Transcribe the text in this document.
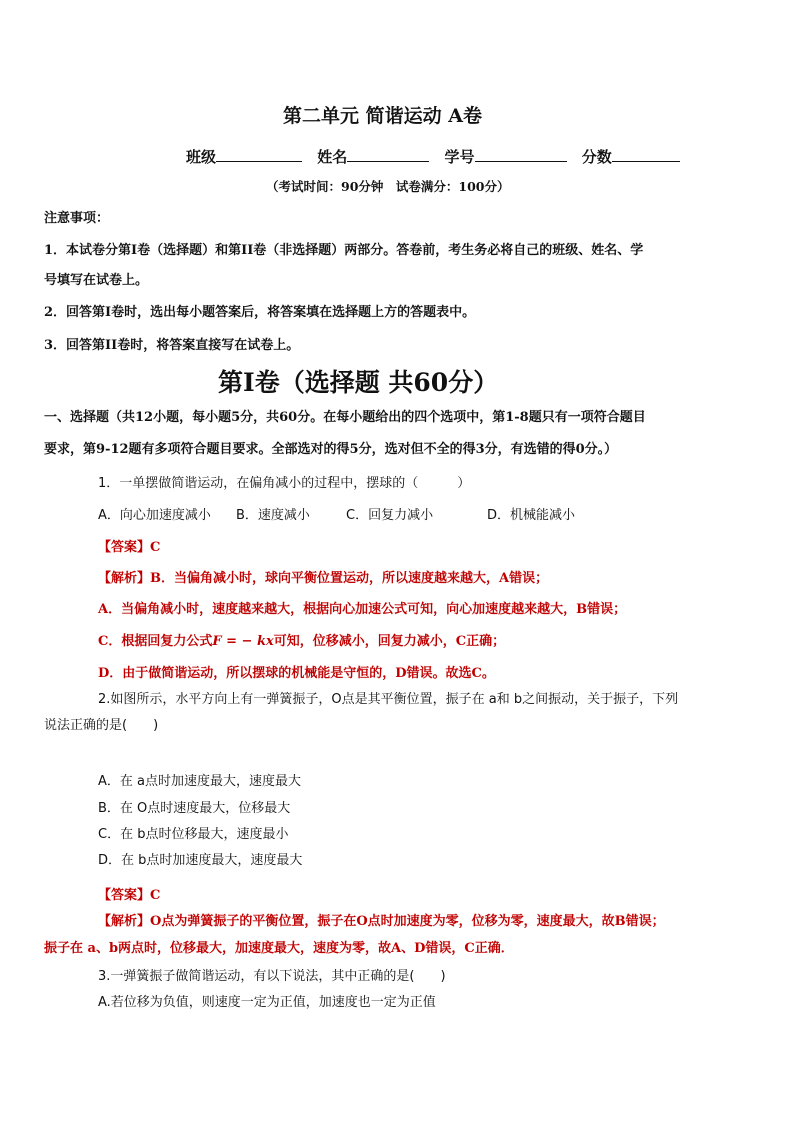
第二单元 简谐运动 A卷
班级	姓名	学号	分数
（考试时间：90分钟　试卷满分：100分）
注意事项：
1．本试卷分第I卷（选择题）和第II卷（非选择题）两部分。答卷前，考生务必将自己的班级、姓名、学
号填写在试卷上。
2．回答第I卷时，选出每小题答案后，将答案填在选择题上方的答题表中。
3．回答第II卷时，将答案直接写在试卷上。
第I卷（选择题 共60分）
一、选择题（共12小题，每小题5分，共60分。在每小题给出的四个选项中，第1-8题只有一项符合题目
要求，第9-12题有多项符合题目要求。全部选对的得5分，选对但不全的得3分，有选错的得0分。）
1．一单摆做简谐运动，在偏角减小的过程中，摆球的（　　　）
A．向心加速度减小 B．速度减小	C．回复力减小	D．机械能减小
【答案】C
【解析】B．当偏角减小时，球向平衡位置运动，所以速度越来越大，A错误；
A．当偏角减小时，速度越来越大，根据向心加速公式可知，向心加速度越来越大，B错误；
C．根据回复力公式F = − kx可知，位移减小，回复力减小，C正确；
D．由于做简谐运动，所以摆球的机械能是守恒的，D错误。故选C。
2.如图所示，水平方向上有一弹簧振子，O点是其平衡位置，振子在 a和 b之间振动，关于振子，下列
说法正确的是(　　)
A．在 a点时加速度最大，速度最大
B．在 O点时速度最大，位移最大
C．在 b点时位移最大，速度最小
D．在 b点时加速度最大，速度最大
【答案】C
【解析】O点为弹簧振子的平衡位置，振子在O点时加速度为零，位移为零，速度最大，故B错误；
振子在 a、b两点时，位移最大，加速度最大，速度为零，故A、D错误，C正确．
3.一弹簧振子做简谐运动，有以下说法，其中正确的是(　　)
A.若位移为负值，则速度一定为正值，加速度也一定为正值
